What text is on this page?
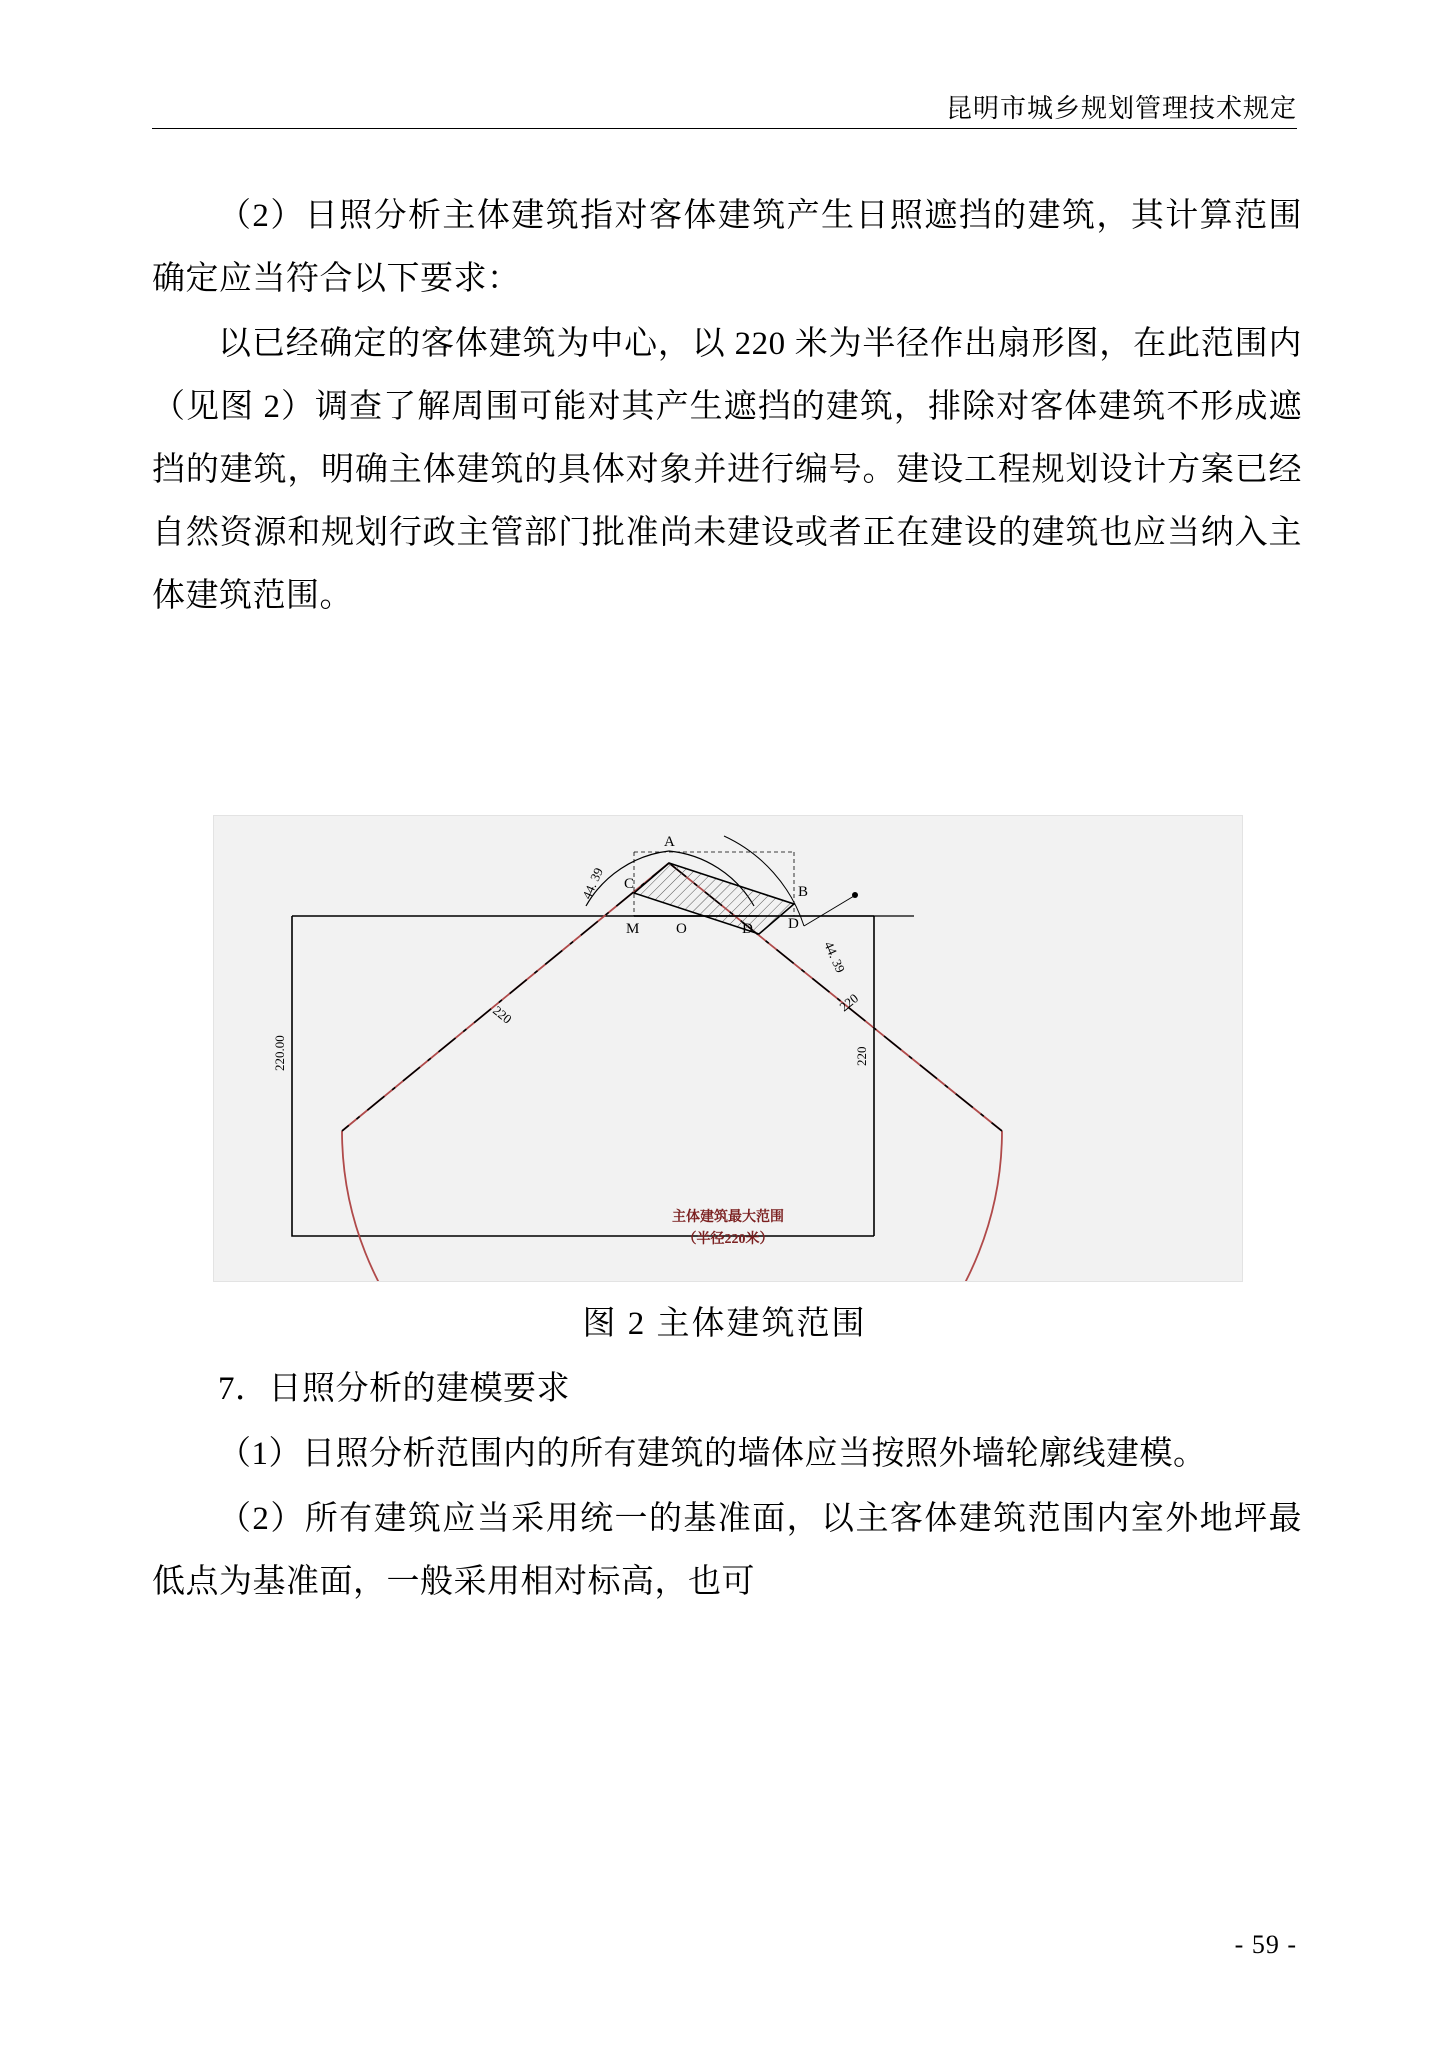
昆明市城乡规划管理技术规定

（2）日照分析主体建筑指对客体建筑产生日照遮挡的建筑，其计算范围确定应当符合以下要求：

以已经确定的客体建筑为中心，以 220 米为半径作出扇形图，在此范围内（见图 2）调查了解周围可能对其产生遮挡的建筑，排除对客体建筑不形成遮挡的建筑，明确主体建筑的具体对象并进行编号。建设工程规划设计方案已经自然资源和规划行政主管部门批准尚未建设或者正在建设的建筑也应当纳入主体建筑范围。

A
B
C
D
M O	D
44. 39
44. 39
220
220
220
220.00
主体建筑最大范围
（半径220米）
图 2 主体建筑范围

7．日照分析的建模要求

（1）日照分析范围内的所有建筑的墙体应当按照外墙轮廓线建模。

（2）所有建筑应当采用统一的基准面，以主客体建筑范围内室外地坪最低点为基准面，一般采用相对标高，也可

- 59 -
